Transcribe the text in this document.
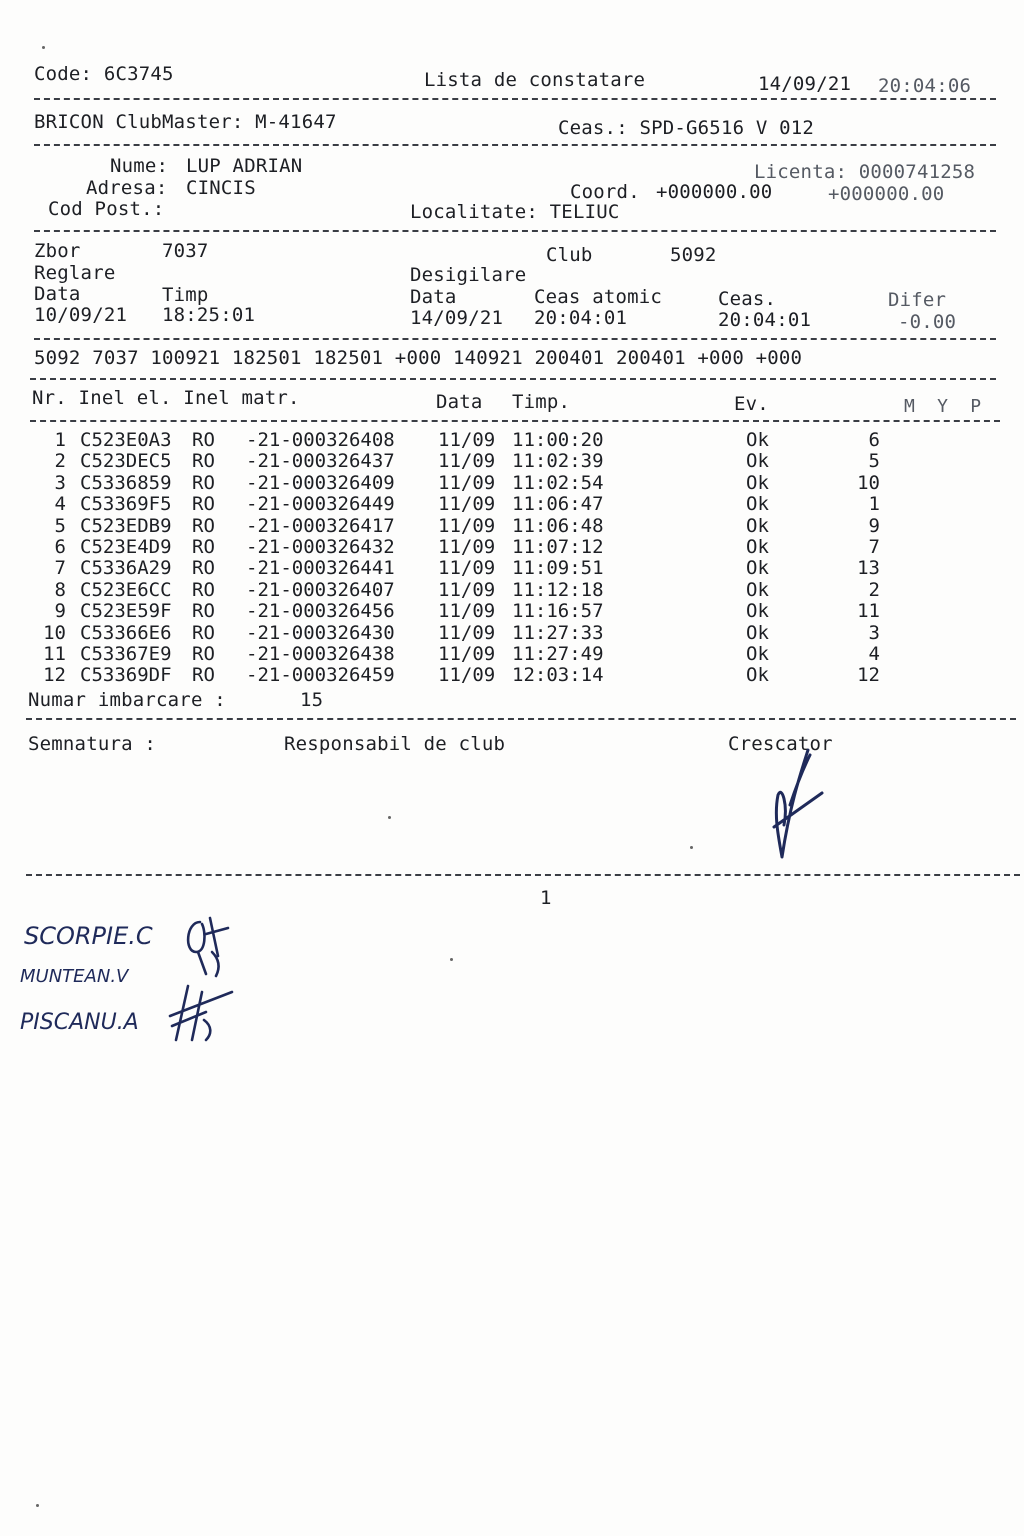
Code: 6C3745	Lista de constatare	14/09/21 20:04:06
BRICON ClubMaster: M-41647	Ceas.: SPD-G6516 V 012
Nume: LUP ADRIAN	Licenta: 0000741258
Adresa: CINCIS	Coord. +000000.00	+000000.00
Cod Post.:	Localitate: TELIUC
Zbor	7037	Club	5092
Reglare	Desigilare
Data	Timp	Data	Ceas atomic	Ceas.	Difer
10/09/21 18:25:01	14/09/21 20:04:01	20:04:01	-0.00
5092 7037 100921 182501 182501 +000 140921 200401 200401 +000 +000
Nr. Inel el. Inel matr.	Data Timp.	Ev.	M  Y  P
1 C523E0A3 RO -21-000326408 11/09 11:00:20	Ok	6
2 C523DEC5 RO -21-000326437 11/09 11:02:39	Ok	5
3 C5336859 RO -21-000326409 11/09 11:02:54	Ok	10
4 C53369F5 RO -21-000326449 11/09 11:06:47	Ok	1
5 C523EDB9 RO -21-000326417 11/09 11:06:48	Ok	9
6 C523E4D9 RO -21-000326432 11/09 11:07:12	Ok	7
7 C5336A29 RO -21-000326441 11/09 11:09:51	Ok	13
8 C523E6CC RO -21-000326407 11/09 11:12:18	Ok	2
9 C523E59F RO -21-000326456 11/09 11:16:57	Ok	11
10 C53366E6 RO -21-000326430 11/09 11:27:33	Ok	3
11 C53367E9 RO -21-000326438 11/09 11:27:49	Ok	4
12 C53369DF RO -21-000326459 11/09 12:03:14	Ok	12
Numar imbarcare :	15
Semnatura :	Responsabil de club	Crescator
1
SCORPIE.C
MUNTEAN.V
PISCANU.A
